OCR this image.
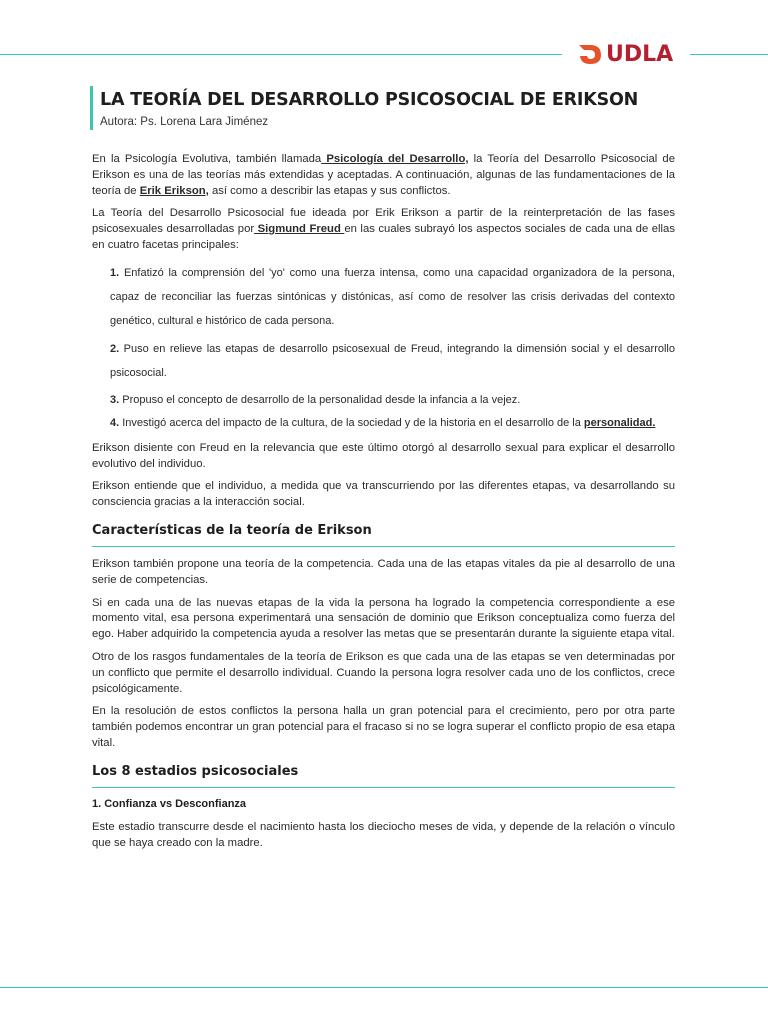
UDLA
LA TEORÍA DEL DESARROLLO PSICOSOCIAL DE ERIKSON
Autora: Ps. Lorena Lara Jiménez

En la Psicología Evolutiva, también llamada Psicología del Desarrollo, la Teoría del Desarrollo Psicosocial de Erikson es una de las teorías más extendidas y aceptadas. A continuación, algunas de las fundamentaciones de la teoría de Erik Erikson, así como a describir las etapas y sus conflictos.

La Teoría del Desarrollo Psicosocial fue ideada por Erik Erikson a partir de la reinterpretación de las fases psicosexuales desarrolladas por Sigmund Freud en las cuales subrayó los aspectos sociales de cada una de ellas en cuatro facetas principales:

1. Enfatizó la comprensión del 'yo' como una fuerza intensa, como una capacidad organizadora de la persona, capaz de reconciliar las fuerzas sintónicas y distónicas, así como de resolver las crisis derivadas del contexto genético, cultural e histórico de cada persona.
2. Puso en relieve las etapas de desarrollo psicosexual de Freud, integrando la dimensión social y el desarrollo psicosocial.
3. Propuso el concepto de desarrollo de la personalidad desde la infancia a la vejez.
4. Investigó acerca del impacto de la cultura, de la sociedad y de la historia en el desarrollo de la personalidad.

Erikson disiente con Freud en la relevancia que este último otorgó al desarrollo sexual para explicar el desarrollo evolutivo del individuo.

Erikson entiende que el individuo, a medida que va transcurriendo por las diferentes etapas, va desarrollando su consciencia gracias a la interacción social.

Características de la teoría de Erikson

Erikson también propone una teoría de la competencia. Cada una de las etapas vitales da pie al desarrollo de una serie de competencias.

Si en cada una de las nuevas etapas de la vida la persona ha logrado la competencia correspondiente a ese momento vital, esa persona experimentará una sensación de dominio que Erikson conceptualiza como fuerza del ego. Haber adquirido la competencia ayuda a resolver las metas que se presentarán durante la siguiente etapa vital.

Otro de los rasgos fundamentales de la teoría de Erikson es que cada una de las etapas se ven determinadas por un conflicto que permite el desarrollo individual. Cuando la persona logra resolver cada uno de los conflictos, crece psicológicamente.

En la resolución de estos conflictos la persona halla un gran potencial para el crecimiento, pero por otra parte también podemos encontrar un gran potencial para el fracaso si no se logra superar el conflicto propio de esa etapa vital.

Los 8 estadios psicosociales
1. Confianza vs Desconfianza

Este estadio transcurre desde el nacimiento hasta los dieciocho meses de vida, y depende de la relación o vínculo que se haya creado con la madre.
